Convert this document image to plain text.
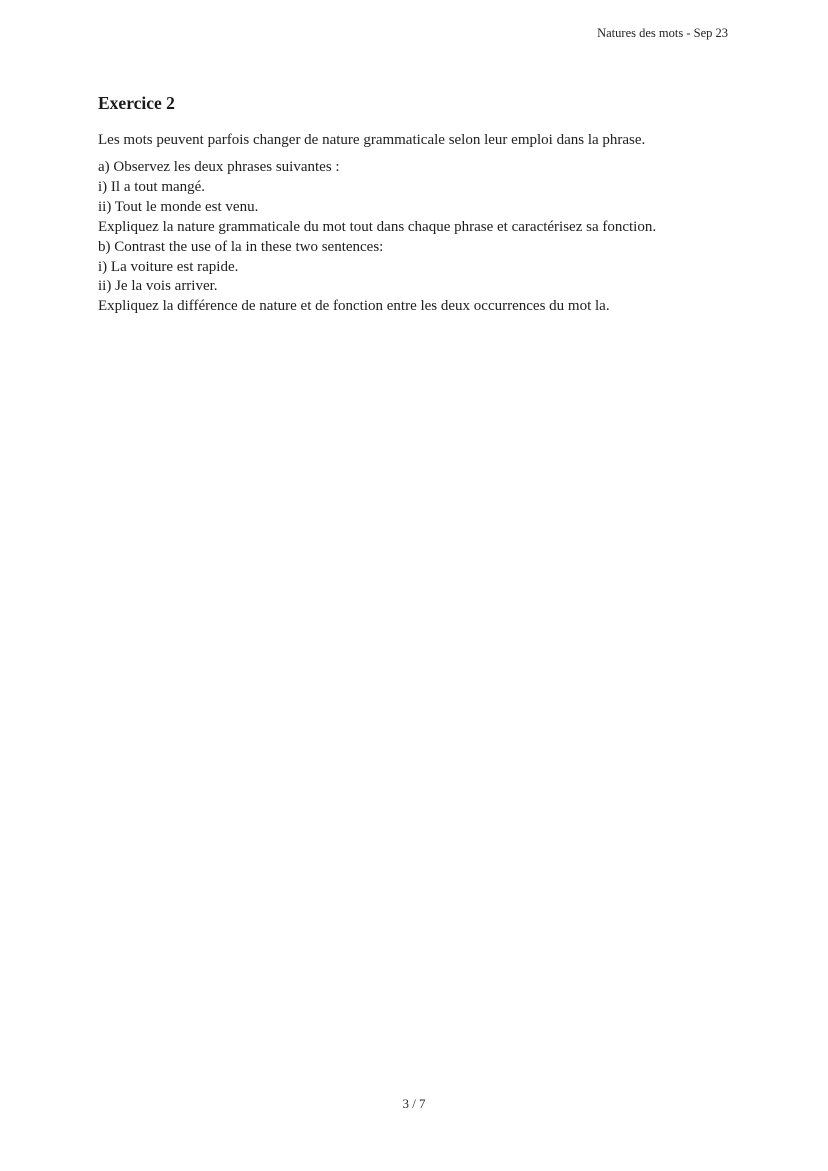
Natures des mots - Sep 23
Exercice 2

Les mots peuvent parfois changer de nature grammaticale selon leur emploi dans la phrase.

a) Observez les deux phrases suivantes :
i) Il a tout mangé.
ii) Tout le monde est venu.
Expliquez la nature grammaticale du mot tout dans chaque phrase et caractérisez sa fonction.
b) Contrast the use of la in these two sentences:
i) La voiture est rapide.
ii) Je la vois arriver.
Expliquez la différence de nature et de fonction entre les deux occurrences du mot la.
3 / 7
